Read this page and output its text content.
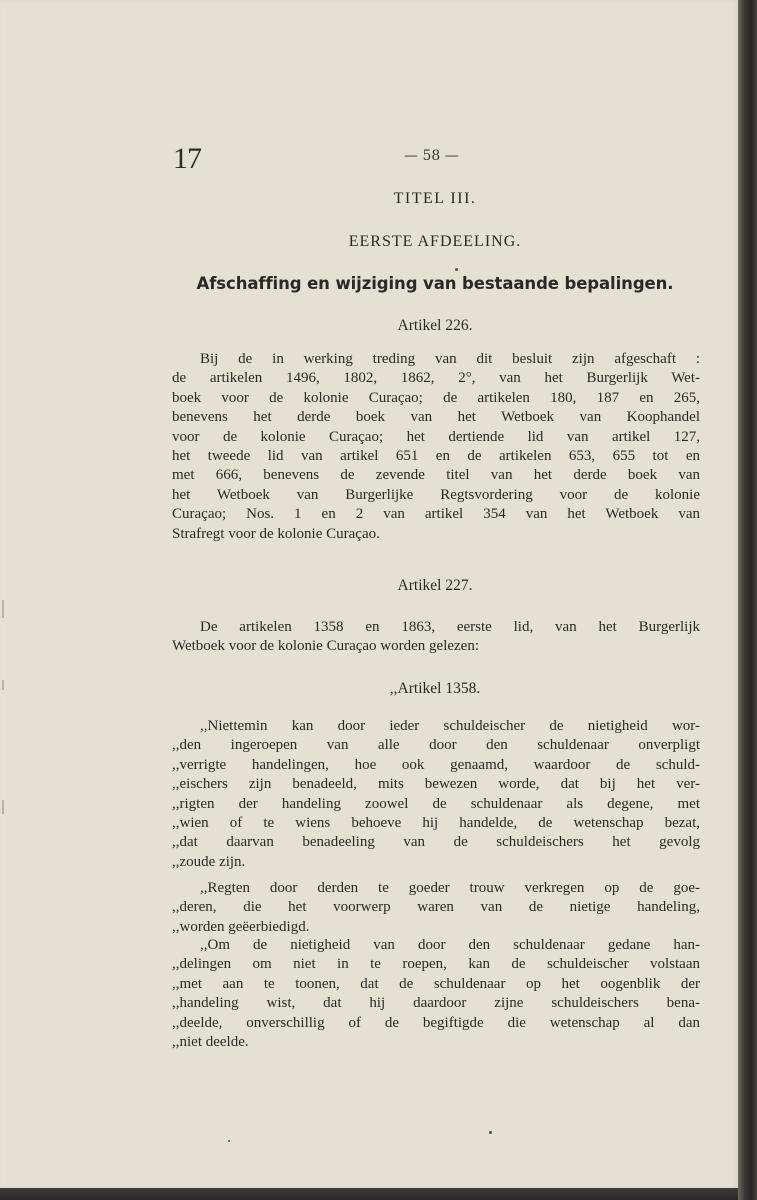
17	— 58 —
TITEL III.
EERSTE AFDEELING.
Afschaffing en wijziging van bestaande bepalingen.
Artikel 226.
Bij de in werking treding van dit besluit zijn afgeschaft :
de artikelen 1496, 1802, 1862, 2°, van het Burgerlijk Wet-
boek voor de kolonie Curaçao; de artikelen 180, 187 en 265,
benevens het derde boek van het Wetboek van Koophandel
voor de kolonie Curaçao; het dertiende lid van artikel 127,
het tweede lid van artikel 651 en de artikelen 653, 655 tot en
met 666, benevens de zevende titel van het derde boek van
het Wetboek van Burgerlijke Regtsvordering voor de kolonie
Curaçao; Nos. 1 en 2 van artikel 354 van het Wetboek van
Strafregt voor de kolonie Curaçao.
Artikel 227.
De artikelen 1358 en 1863, eerste lid, van het Burgerlijk
Wetboek voor de kolonie Curaçao worden gelezen:
,,Artikel 1358.
,,Niettemin kan door ieder schuldeischer de nietigheid wor-
,,den ingeroepen van alle door den schuldenaar onverpligt
,,verrigte handelingen, hoe ook genaamd, waardoor de schuld-
,,eischers zijn benadeeld, mits bewezen worde, dat bij het ver-
,,rigten der handeling zoowel de schuldenaar als degene, met
,,wien of te wiens behoeve hij handelde, de wetenschap bezat,
,,dat daarvan benadeeling van de schuldeischers het gevolg
,,zoude zijn.
,,Regten door derden te goeder trouw verkregen op de goe-
,,deren, die het voorwerp waren van de nietige handeling,
,,worden geëerbiedigd.
,,Om de nietigheid van door den schuldenaar gedane han-
,,delingen om niet in te roepen, kan de schuldeischer volstaan
,,met aan te toonen, dat de schuldenaar op het oogenblik der
,,handeling wist, dat hij daardoor zijne schuldeischers bena-
,,deelde, onverschillig of de begiftigde die wetenschap al dan
,,niet deelde.
